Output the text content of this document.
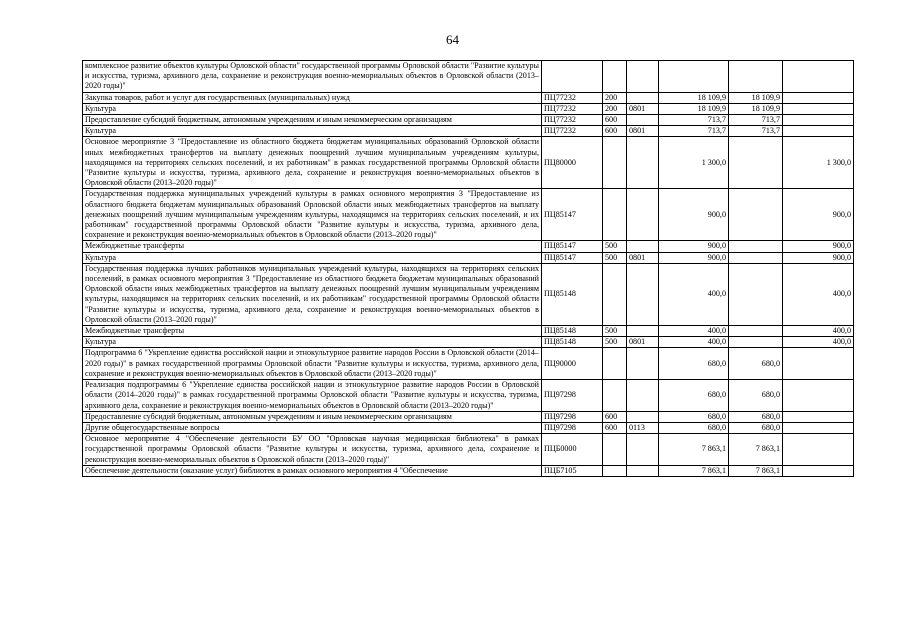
64
комплексное развитие объектов культуры Орловской области" государственной программы Орловской области "Развитие культуры и искусства, туризма, архивного дела, сохранение и реконструкция военно-мемориальных объектов в Орловской области (2013–2020 годы)"						
Закупка товаров, работ и услуг для государственных (муниципальных) нужд	ПЦ77232	200		18 109,9	18 109,9	
Культура	ПЦ77232	200	0801	18 109,9	18 109,9	
Предоставление субсидий бюджетным, автономным учреждениям и иным некоммерческим организациям	ПЦ77232	600		713,7	713,7	
Культура	ПЦ77232	600	0801	713,7	713,7	
Основное мероприятие 3 "Предоставление из областного бюджета бюджетам муниципальных образований Орловской области иных межбюджетных трансфертов на выплату денежных поощрений лучшим муниципальным учреждениям культуры, находящимся на территориях сельских поселений, и их работникам" в рамках государственной программы Орловской области "Развитие культуры и искусства, туризма, архивного дела, сохранение и реконструкция военно-мемориальных объектов в Орловской области (2013–2020 годы)"	ПЦ80000			1 300,0		1 300,0
Государственная поддержка муниципальных учреждений культуры в рамках основного мероприятия 3 "Предоставление из областного бюджета бюджетам муниципальных образований Орловской области иных межбюджетных трансфертов на выплату денежных поощрений лучшим муниципальным учреждениям культуры, находящимся на территориях сельских поселений, и их работникам" государственной программы Орловской области "Развитие культуры и искусства, туризма, архивного дела, сохранение и реконструкция военно-мемориальных объектов в Орловской области (2013–2020 годы)"	ПЦ85147			900,0		900,0
Межбюджетные трансферты	ПЦ85147	500		900,0		900,0
Культура	ПЦ85147	500	0801	900,0		900,0
Государственная поддержка лучших работников муниципальных учреждений культуры, находящихся на территориях сельских поселений, в рамках основного мероприятия 3 "Предоставление из областного бюджета бюджетам муниципальных образований Орловской области иных межбюджетных трансфертов на выплату денежных поощрений лучшим муниципальным учреждениям культуры, находящимся на территориях сельских поселений, и их работникам" государственной программы Орловской области "Развитие культуры и искусства, туризма, архивного дела, сохранение и реконструкция военно-мемориальных объектов в Орловской области (2013–2020 годы)"	ПЦ85148			400,0		400,0
Межбюджетные трансферты	ПЦ85148	500		400,0		400,0
Культура	ПЦ85148	500	0801	400,0		400,0
Подпрограмма 6 "Укрепление единства российской нации и этнокультурное развитие народов России в Орловской области (2014–2020 годы)" в рамках государственной программы Орловской области "Развитие культуры и искусства, туризма, архивного дела, сохранение и реконструкция военно-мемориальных объектов в Орловской области (2013–2020 годы)"	ПЦ90000			680,0	680,0	
Реализация подпрограммы 6 "Укрепление единства российской нации и этнокультурное развитие народов России в Орловской области (2014–2020 годы)" в рамках государственной программы Орловской области "Развитие культуры и искусства, туризма, архивного дела, сохранение и реконструкция военно-мемориальных объектов в Орловской области (2013–2020 годы)"	ПЦ97298			680,0	680,0	
Предоставление субсидий бюджетным, автономным учреждениям и иным некоммерческим организациям	ПЦ97298	600		680,0	680,0	
Другие общегосударственные вопросы	ПЦ97298	600	0113	680,0	680,0	
Основное мероприятие 4 "Обеспечение деятельности БУ ОО "Орловская научная медицинская библиотека" в рамках государственной программы Орловской области "Развитие культуры и искусства, туризма, архивного дела, сохранение и реконструкция военно-мемориальных объектов в Орловской области (2013–2020 годы)"	ПЦБ0000			7 863,1	7 863,1	
Обеспечение деятельности (оказание услуг) библиотек в рамках основного мероприятия 4 "Обеспечение	ПЦБ7105			7 863,1	7 863,1	
